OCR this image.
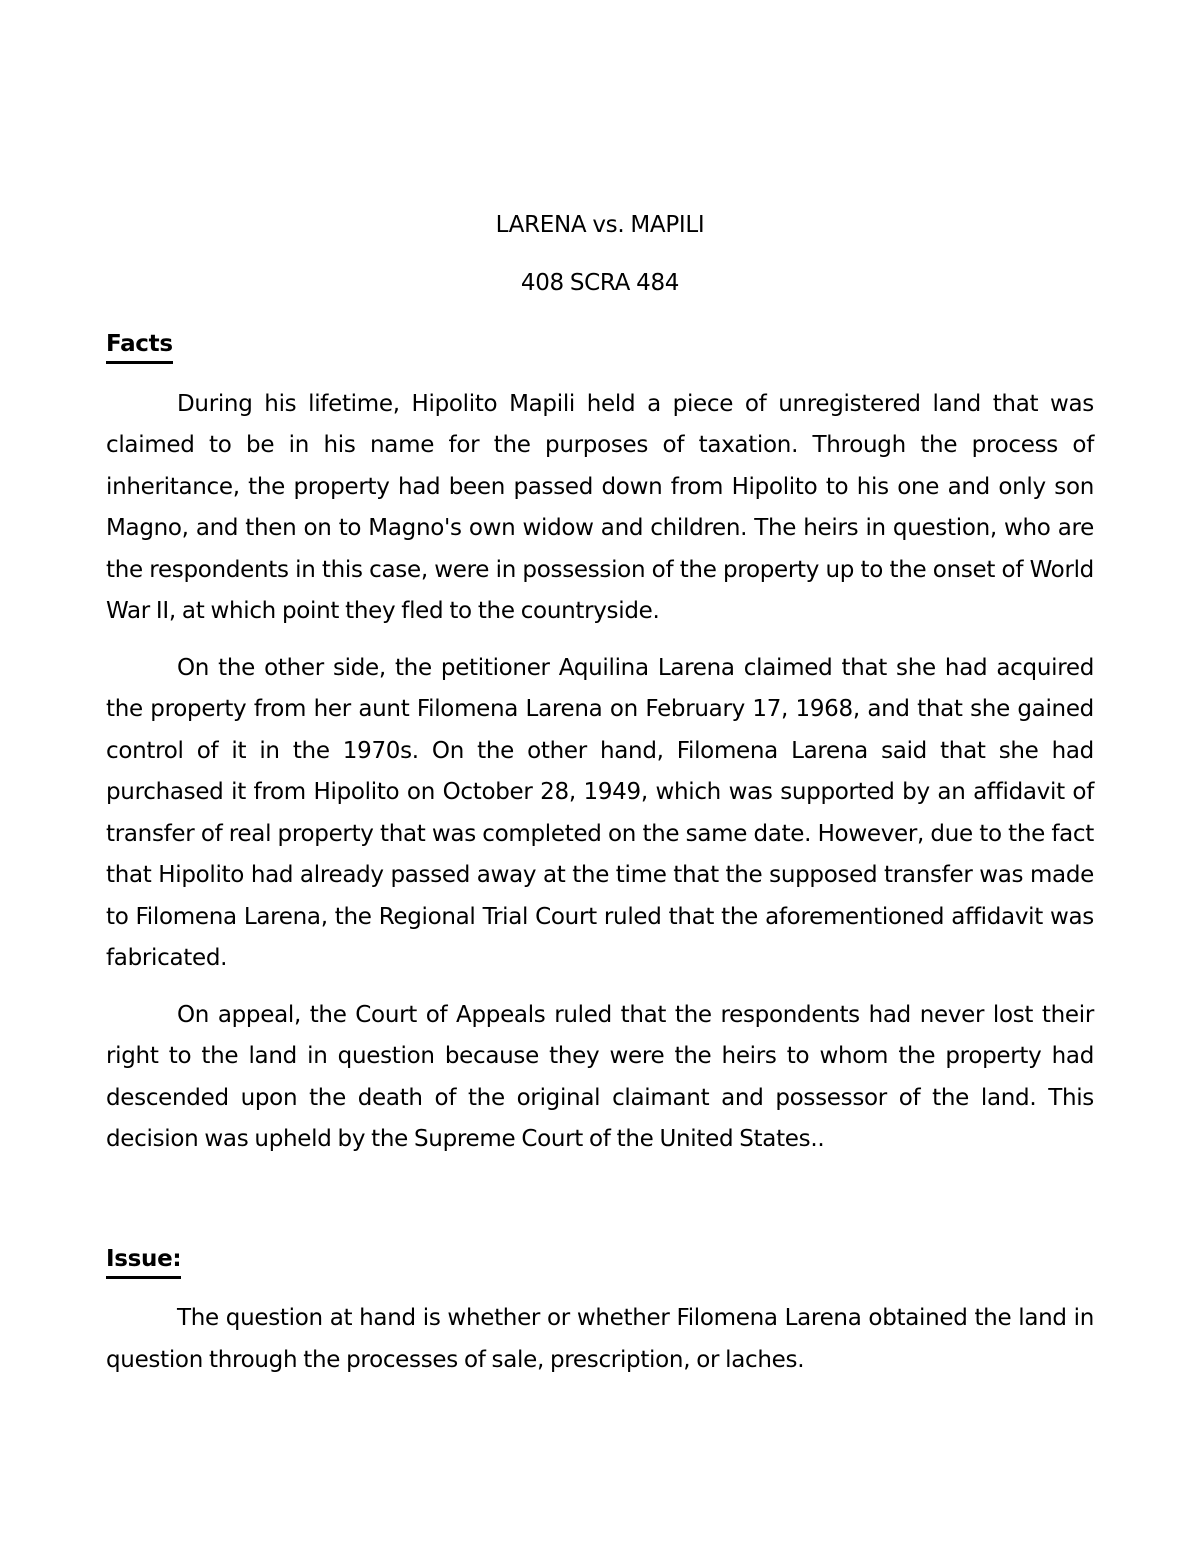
LARENA vs. MAPILI

408 SCRA 484

Facts

During his lifetime, Hipolito Mapili held a piece of unregistered land that was claimed to be in his name for the purposes of taxation. Through the process of inheritance, the property had been passed down from Hipolito to his one and only son Magno, and then on to Magno's own widow and children. The heirs in question, who are the respondents in this case, were in possession of the property up to the onset of World War II, at which point they fled to the countryside.

On the other side, the petitioner Aquilina Larena claimed that she had acquired the property from her aunt Filomena Larena on February 17, 1968, and that she gained control of it in the 1970s. On the other hand, Filomena Larena said that she had purchased it from Hipolito on October 28, 1949, which was supported by an affidavit of transfer of real property that was completed on the same date. However, due to the fact that Hipolito had already passed away at the time that the supposed transfer was made to Filomena Larena, the Regional Trial Court ruled that the aforementioned affidavit was fabricated.

On appeal, the Court of Appeals ruled that the respondents had never lost their right to the land in question because they were the heirs to whom the property had descended upon the death of the original claimant and possessor of the land. This decision was upheld by the Supreme Court of the United States..

Issue:

The question at hand is whether or whether Filomena Larena obtained the land in question through the processes of sale, prescription, or laches.
